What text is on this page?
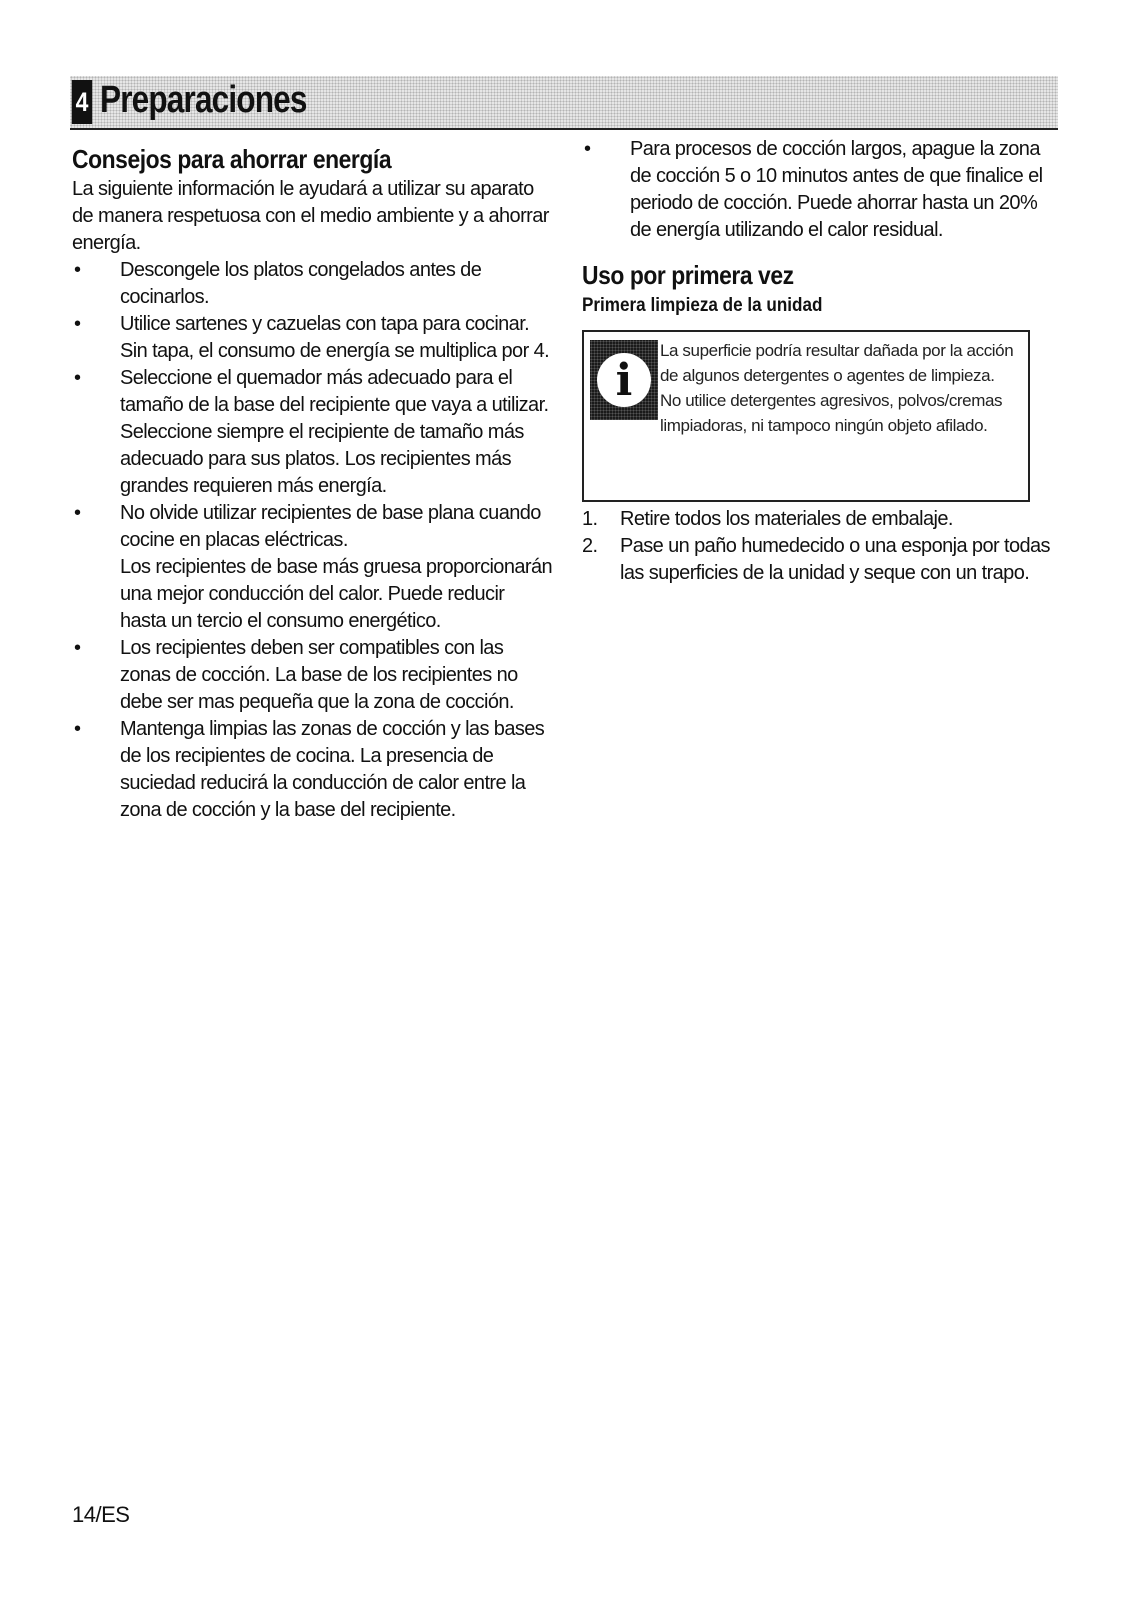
4 Preparaciones
Consejos para ahorrar energía

La siguiente información le ayudará a utilizar su aparato de manera respetuosa con el medio ambiente y a ahorrar energía.

• Descongele los platos congelados antes de cocinarlos.
• Utilice sartenes y cazuelas con tapa para cocinar. Sin tapa, el consumo de energía se multiplica por 4.
• Seleccione el quemador más adecuado para el tamaño de la base del recipiente que vaya a utilizar. Seleccione siempre el recipiente de tamaño más adecuado para sus platos. Los recipientes más grandes requieren más energía.
• No olvide utilizar recipientes de base plana cuando cocine en placas eléctricas.
Los recipientes de base más gruesa proporcionarán una mejor conducción del calor. Puede reducir hasta un tercio el consumo energético.
• Los recipientes deben ser compatibles con las zonas de cocción. La base de los recipientes no debe ser mas pequeña que la zona de cocción.
• Mantenga limpias las zonas de cocción y las bases de los recipientes de cocina. La presencia de suciedad reducirá la conducción de calor entre la zona de cocción y la base del recipiente.
• Para procesos de cocción largos, apague la zona de cocción 5 o 10 minutos antes de que finalice el periodo de cocción. Puede ahorrar hasta un 20% de energía utilizando el calor residual.
Uso por primera vez
Primera limpieza de la unidad
i

La superficie podría resultar dañada por la acción de algunos detergentes o agentes de limpieza.

No utilice detergentes agresivos, polvos/cremas limpiadoras, ni tampoco ningún objeto afilado.

1. Retire todos los materiales de embalaje.
2. Pase un paño humedecido o una esponja por todas las superficies de la unidad y seque con un trapo.
14/ES
